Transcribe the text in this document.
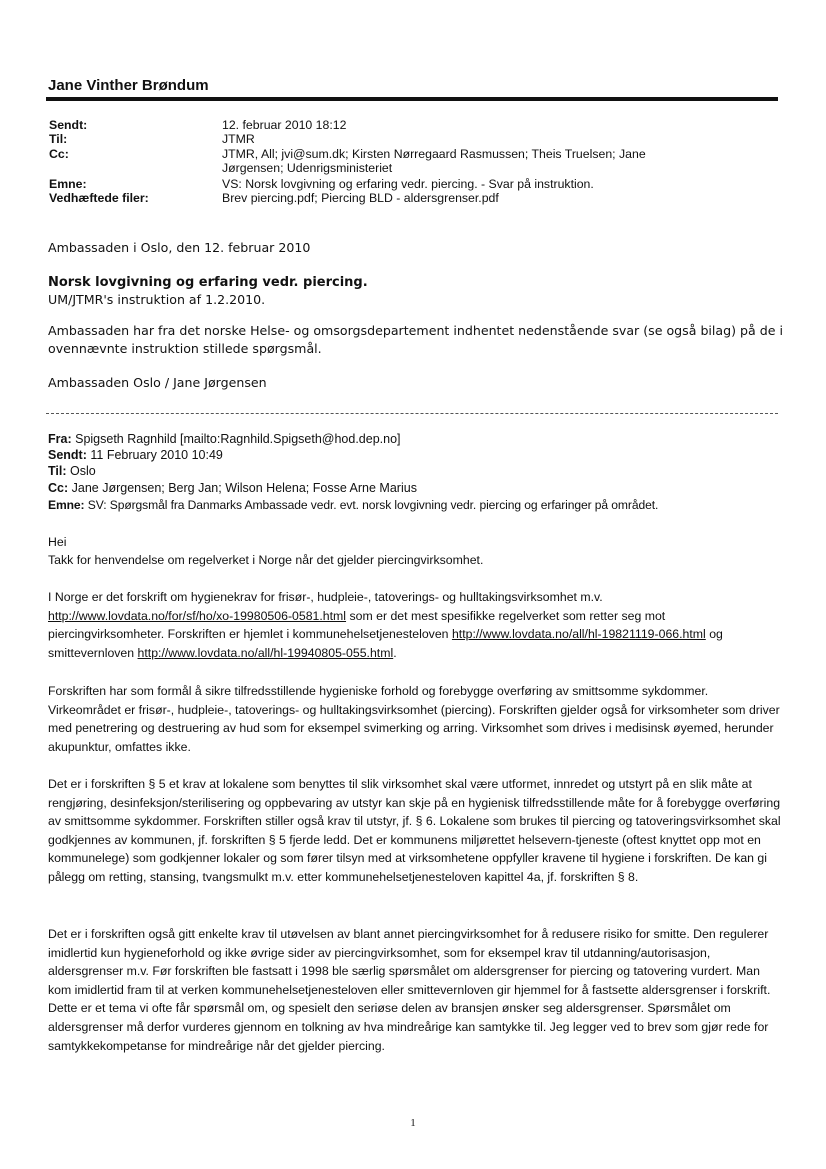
Jane Vinther Brøndum
Sendt:	12. februar 2010 18:12
Til:	JTMR
Cc:	JTMR, All; jvi@sum.dk; Kirsten Nørregaard Rasmussen; Theis Truelsen; Jane
Jørgensen; Udenrigsministeriet
Emne:	VS: Norsk lovgivning og erfaring vedr. piercing. - Svar på instruktion.
Vedhæftede filer:	Brev piercing.pdf; Piercing BLD - aldersgrenser.pdf
Ambassaden i Oslo, den 12. februar 2010
Norsk lovgivning og erfaring vedr. piercing.
UM/JTMR's instruktion af 1.2.2010.
Ambassaden har fra det norske Helse- og omsorgsdepartement indhentet nedenstående svar (se også bilag) på de i ovennævnte instruktion stillede spørgsmål.
Ambassaden Oslo / Jane Jørgensen
Fra: Spigseth Ragnhild [mailto:Ragnhild.Spigseth@hod.dep.no]
Sendt: 11 February 2010 10:49
Til: Oslo
Cc: Jane Jørgensen; Berg Jan; Wilson Helena; Fosse Arne Marius
Emne: SV: Spørgsmål fra Danmarks Ambassade vedr. evt. norsk lovgivning vedr. piercing og erfaringer på området.
Hei
Takk for henvendelse om regelverket i Norge når det gjelder piercingvirksomhet.
I Norge er det forskrift om hygienekrav for frisør-, hudpleie-, tatoverings- og hulltakingsvirksomhet m.v. http://www.lovdata.no/for/sf/ho/xo-19980506-0581.html som er det mest spesifikke regelverket som retter seg mot piercingvirksomheter. Forskriften er hjemlet i kommunehelsetjenesteloven http://www.lovdata.no/all/hl-19821119-066.html og smittevernloven http://www.lovdata.no/all/hl-19940805-055.html.
Forskriften har som formål å sikre tilfredsstillende hygieniske forhold og forebygge overføring av smittsomme sykdommer. Virkeområdet er frisør-, hudpleie-, tatoverings- og hulltakingsvirksomhet (piercing). Forskriften gjelder også for virksomheter som driver med penetrering og destruering av hud som for eksempel svimerking og arring. Virksomhet som drives i medisinsk øyemed, herunder akupunktur, omfattes ikke.
Det er i forskriften § 5 et krav at lokalene som benyttes til slik virksomhet skal være utformet, innredet og utstyrt på en slik måte at rengjøring, desinfeksjon/sterilisering og oppbevaring av utstyr kan skje på en hygienisk tilfredsstillende måte for å forebygge overføring av smittsomme sykdommer. Forskriften stiller også krav til utstyr, jf. § 6. Lokalene som brukes til piercing og tatoveringsvirksomhet skal godkjennes av kommunen, jf. forskriften § 5 fjerde ledd. Det er kommunens miljørettet helsevern-tjeneste (oftest knyttet opp mot en kommunelege) som godkjenner lokaler og som fører tilsyn med at virksomhetene oppfyller kravene til hygiene i forskriften. De kan gi pålegg om retting, stansing, tvangsmulkt m.v. etter kommunehelsetjenesteloven kapittel 4a, jf. forskriften § 8.
Det er i forskriften også gitt enkelte krav til utøvelsen av blant annet piercingvirksomhet for å redusere risiko for smitte. Den regulerer imidlertid kun hygieneforhold og ikke øvrige sider av piercingvirksomhet, som for eksempel krav til utdanning/autorisasjon, aldersgrenser m.v. Før forskriften ble fastsatt i 1998 ble særlig spørsmålet om aldersgrenser for piercing og tatovering vurdert. Man kom imidlertid fram til at verken kommunehelsetjenesteloven eller smittevernloven gir hjemmel for å fastsette aldersgrenser i forskrift. Dette er et tema vi ofte får spørsmål om, og spesielt den seriøse delen av bransjen ønsker seg aldersgrenser. Spørsmålet om aldersgrenser må derfor vurderes gjennom en tolkning av hva mindreårige kan samtykke til. Jeg legger ved to brev som gjør rede for samtykkekompetanse for mindreårige når det gjelder piercing.
1
